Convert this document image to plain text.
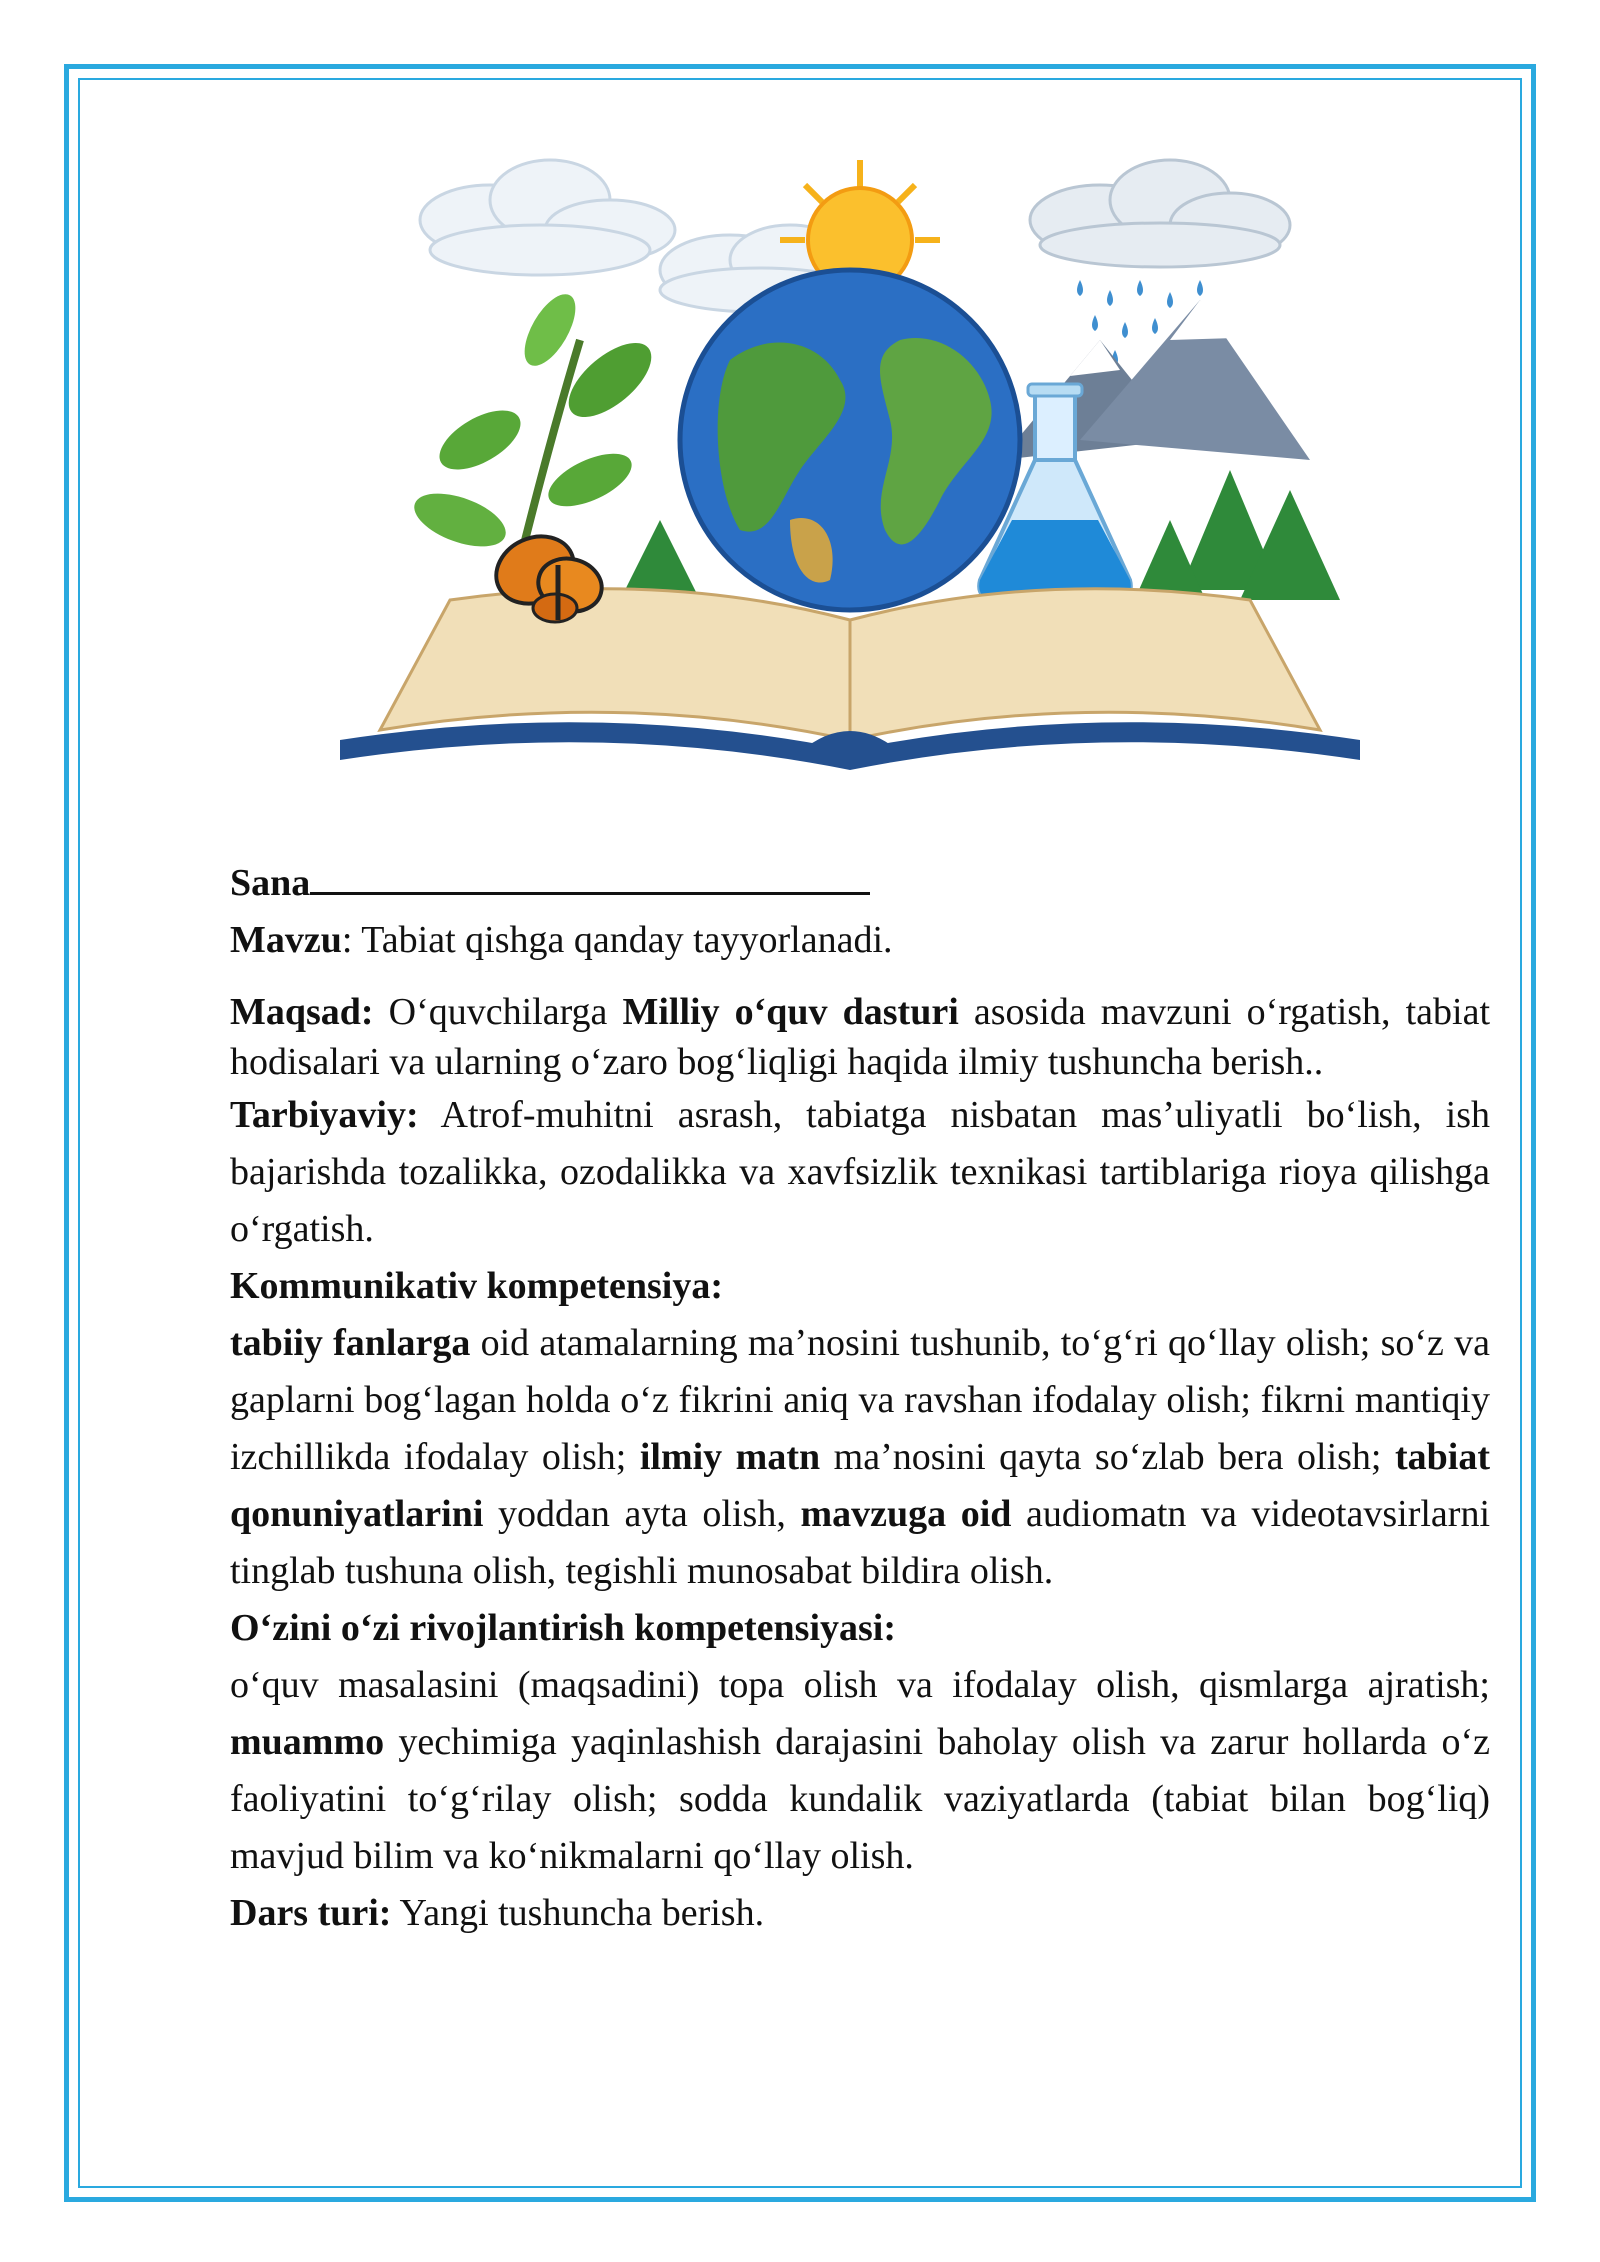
Sana

Mavzu: Tabiat qishga qanday tayyorlanadi.

Maqsad: O‘quvchilarga Milliy o‘quv dasturi asosida mavzuni o‘rgatish, tabiat hodisalari va ularning o‘zaro bog‘liqligi haqida ilmiy tushuncha berish..

Tarbiyaviy: Atrof-muhitni asrash, tabiatga nisbatan mas’uliyatli bo‘lish, ish bajarishda tozalikka, ozodalikka va xavfsizlik texnikasi tartiblariga rioya qilishga o‘rgatish.

Kommunikativ kompetensiya:

tabiiy fanlarga oid atamalarning ma’nosini tushunib, to‘g‘ri qo‘llay olish; so‘z va gaplarni bog‘lagan holda o‘z fikrini aniq va ravshan ifodalay olish; fikrni mantiqiy izchillikda ifodalay olish; ilmiy matn ma’nosini qayta so‘zlab bera olish; tabiat qonuniyatlarini yoddan ayta olish, mavzuga oid audiomatn va videotavsirlarni tinglab tushuna olish, tegishli munosabat bildira olish.

O‘zini o‘zi rivojlantirish kompetensiyasi:

o‘quv masalasini (maqsadini) topa olish va ifodalay olish, qismlarga ajratish; muammo yechimiga yaqinlashish darajasini baholay olish va zarur hollarda o‘z faoliyatini to‘g‘rilay olish; sodda kundalik vaziyatlarda (tabiat bilan bog‘liq) mavjud bilim va ko‘nikmalarni qo‘llay olish.

Dars turi: Yangi tushuncha berish.
